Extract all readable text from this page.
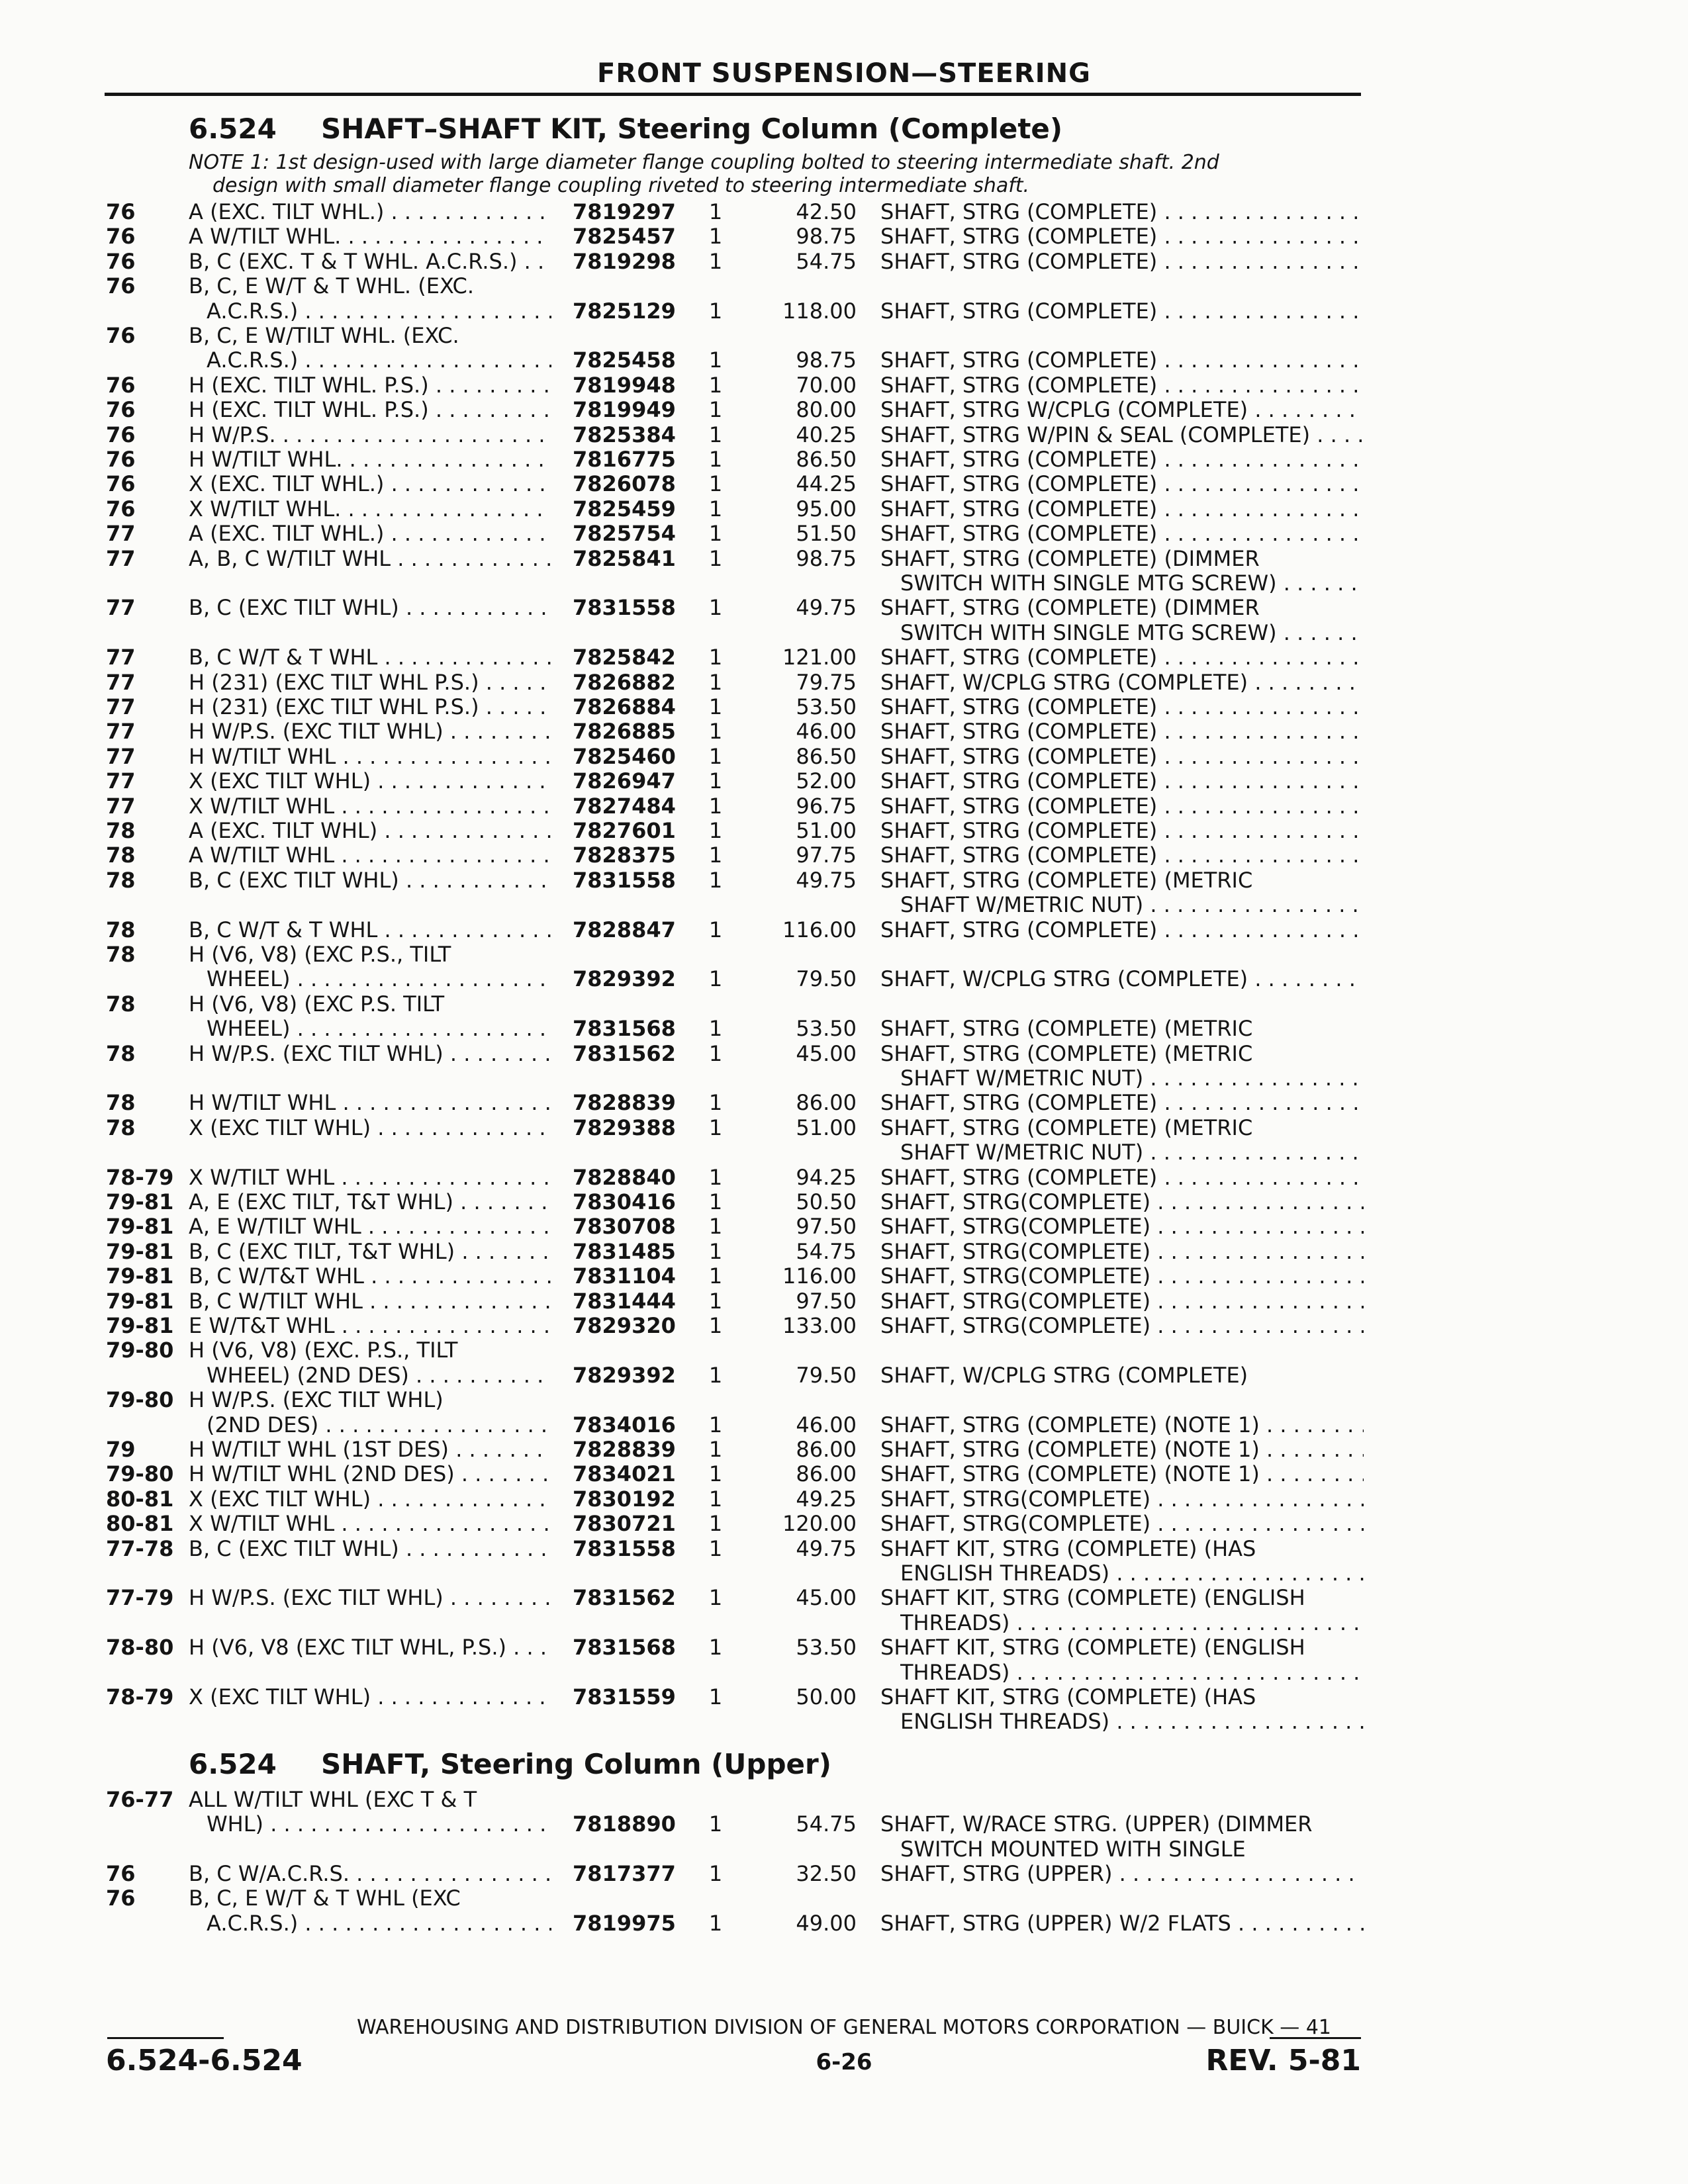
FRONT SUSPENSION—STEERING
6.524 SHAFT–SHAFT KIT, Steering Column (Complete)
NOTE 1: 1st design-used with large diameter flange coupling bolted to steering intermediate shaft. 2nd
design with small diameter flange coupling riveted to steering intermediate shaft.
76	A (EXC. TILT WHL.) . . .	7819297	1	42.50 SHAFT, STRG (COMPLETE) . . .
76	A W/TILT WHL. . . .	7825457	1	98.75 SHAFT, STRG (COMPLETE) . . .
76	B, C (EXC. T & T WHL. A.C.R.S.) . . .	7819298	1	54.75 SHAFT, STRG (COMPLETE) . . .
76	B, C, E W/T & T WHL. (EXC.
A.C.R.S.) . . .	7825129	1	118.00 SHAFT, STRG (COMPLETE) . . .
76	B, C, E W/TILT WHL. (EXC.
A.C.R.S.) . . .	7825458	1	98.75 SHAFT, STRG (COMPLETE) . . .
76	H (EXC. TILT WHL. P.S.) . . .	7819948	1	70.00 SHAFT, STRG (COMPLETE) . . .
76	H (EXC. TILT WHL. P.S.) . . .	7819949	1	80.00 SHAFT, STRG W/CPLG (COMPLETE) . . .
76	H W/P.S. . . .	7825384	1	40.25 SHAFT, STRG W/PIN & SEAL (COMPLETE) . . .
76	H W/TILT WHL. . . .	7816775	1	86.50 SHAFT, STRG (COMPLETE) . . .
76	X (EXC. TILT WHL.) . . .	7826078	1	44.25 SHAFT, STRG (COMPLETE) . . .
76	X W/TILT WHL. . . .	7825459	1	95.00 SHAFT, STRG (COMPLETE) . . .
77	A (EXC. TILT WHL.) . . .	7825754	1	51.50 SHAFT, STRG (COMPLETE) . . .
77	A, B, C W/TILT WHL . . .	7825841	1	98.75 SHAFT, STRG (COMPLETE) (DIMMER
SWITCH WITH SINGLE MTG SCREW) . . .
77	B, C (EXC TILT WHL) . . .	7831558	1	49.75 SHAFT, STRG (COMPLETE) (DIMMER
SWITCH WITH SINGLE MTG SCREW) . . .
77	B, C W/T & T WHL . . .	7825842	1	121.00 SHAFT, STRG (COMPLETE) . . .
77	H (231) (EXC TILT WHL P.S.) . . .	7826882	1	79.75 SHAFT, W/CPLG STRG (COMPLETE) . . .
77	H (231) (EXC TILT WHL P.S.) . . .	7826884	1	53.50 SHAFT, STRG (COMPLETE) . . .
77	H W/P.S. (EXC TILT WHL) . . .	7826885	1	46.00 SHAFT, STRG (COMPLETE) . . .
77	H W/TILT WHL . . .	7825460	1	86.50 SHAFT, STRG (COMPLETE) . . .
77	X (EXC TILT WHL) . . .	7826947	1	52.00 SHAFT, STRG (COMPLETE) . . .
77	X W/TILT WHL . . .	7827484	1	96.75 SHAFT, STRG (COMPLETE) . . .
78	A (EXC. TILT WHL) . . .	7827601	1	51.00 SHAFT, STRG (COMPLETE) . . .
78	A W/TILT WHL . . .	7828375	1	97.75 SHAFT, STRG (COMPLETE) . . .
78	B, C (EXC TILT WHL) . . .	7831558	1	49.75 SHAFT, STRG (COMPLETE) (METRIC
SHAFT W/METRIC NUT) . . .
78	B, C W/T & T WHL . . .	7828847	1	116.00 SHAFT, STRG (COMPLETE) . . .
78	H (V6, V8) (EXC P.S., TILT
WHEEL) . . .	7829392	1	79.50 SHAFT, W/CPLG STRG (COMPLETE) . . .
78	H (V6, V8) (EXC P.S. TILT
WHEEL) . . .	7831568	1	53.50 SHAFT, STRG (COMPLETE) (METRIC
78	H W/P.S. (EXC TILT WHL) . . .	7831562	1	45.00 SHAFT, STRG (COMPLETE) (METRIC
SHAFT W/METRIC NUT) . . .
78	H W/TILT WHL . . .	7828839	1	86.00 SHAFT, STRG (COMPLETE) . . .
78	X (EXC TILT WHL) . . .	7829388	1	51.00 SHAFT, STRG (COMPLETE) (METRIC
SHAFT W/METRIC NUT) . . .
78-79 X W/TILT WHL . . .	7828840	1	94.25 SHAFT, STRG (COMPLETE) . . .
79-81 A, E (EXC TILT, T&T WHL) . . .	7830416	1	50.50 SHAFT, STRG(COMPLETE) . . .
79-81 A, E W/TILT WHL . . .	7830708	1	97.50 SHAFT, STRG(COMPLETE) . . .
79-81 B, C (EXC TILT, T&T WHL) . . .	7831485	1	54.75 SHAFT, STRG(COMPLETE) . . .
79-81 B, C W/T&T WHL . . .	7831104	1	116.00 SHAFT, STRG(COMPLETE) . . .
79-81 B, C W/TILT WHL . . .	7831444	1	97.50 SHAFT, STRG(COMPLETE) . . .
79-81 E W/T&T WHL . . .	7829320	1	133.00 SHAFT, STRG(COMPLETE) . . .
79-80 H (V6, V8) (EXC. P.S., TILT
WHEEL) (2ND DES) . . .	7829392	1	79.50 SHAFT, W/CPLG STRG (COMPLETE)
79-80 H W/P.S. (EXC TILT WHL)
(2ND DES) . . .	7834016	1	46.00 SHAFT, STRG (COMPLETE) (NOTE 1) . . .
79	H W/TILT WHL (1ST DES) . . .	7828839	1	86.00 SHAFT, STRG (COMPLETE) (NOTE 1) . . .
79-80 H W/TILT WHL (2ND DES) . . .	7834021	1	86.00 SHAFT, STRG (COMPLETE) (NOTE 1) . . .
80-81 X (EXC TILT WHL) . . .	7830192	1	49.25 SHAFT, STRG(COMPLETE) . . .
80-81 X W/TILT WHL . . .	7830721	1	120.00 SHAFT, STRG(COMPLETE) . . .
77-78 B, C (EXC TILT WHL) . . .	7831558	1	49.75 SHAFT KIT, STRG (COMPLETE) (HAS
ENGLISH THREADS) . . .
77-79 H W/P.S. (EXC TILT WHL) . . .	7831562	1	45.00 SHAFT KIT, STRG (COMPLETE) (ENGLISH
THREADS) . . .
78-80 H (V6, V8 (EXC TILT WHL, P.S.) . . .	7831568	1	53.50 SHAFT KIT, STRG (COMPLETE) (ENGLISH
THREADS) . . .
78-79 X (EXC TILT WHL) . . .	7831559	1	50.00 SHAFT KIT, STRG (COMPLETE) (HAS
ENGLISH THREADS) . . .
6.524 SHAFT, Steering Column (Upper)
76-77 ALL W/TILT WHL (EXC T & T
WHL) . . .	7818890	1	54.75 SHAFT, W/RACE STRG. (UPPER) (DIMMER
SWITCH MOUNTED WITH SINGLE
76	B, C W/A.C.R.S. . . .	7817377	1	32.50 SHAFT, STRG (UPPER) . . .
76	B, C, E W/T & T WHL (EXC
A.C.R.S.) . . .	7819975	1	49.00 SHAFT, STRG (UPPER) W/2 FLATS . . .
WAREHOUSING AND DISTRIBUTION DIVISION OF GENERAL MOTORS CORPORATION — BUICK — 41
6.524-6.524	6-26	REV. 5-81
